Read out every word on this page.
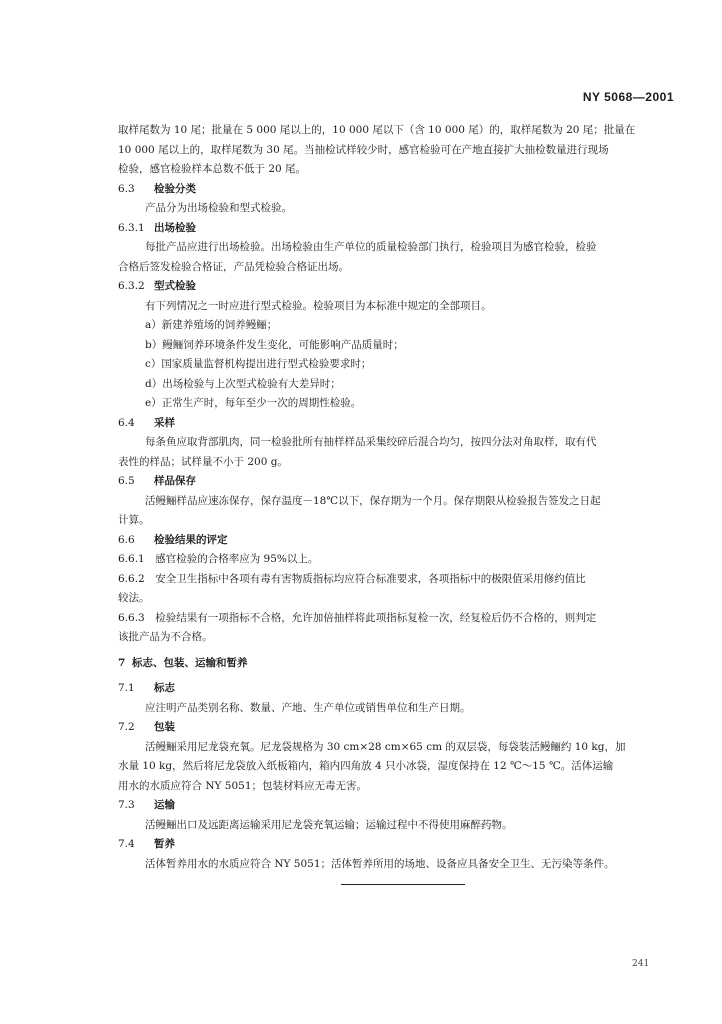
NY 5068—2001
取样尾数为 10 尾；批量在 5 000 尾以上的，10 000 尾以下（含 10 000 尾）的，取样尾数为 20 尾；批量在
10 000 尾以上的，取样尾数为 30 尾。当抽检试样较少时，感官检验可在产地直接扩大抽检数量进行现场
检验，感官检验样本总数不低于 20 尾。
6.3 检验分类
产品分为出场检验和型式检验。
6.3.1 出场检验
每批产品应进行出场检验。出场检验由生产单位的质量检验部门执行，检验项目为感官检验，检验
合格后签发检验合格证，产品凭检验合格证出场。
6.3.2 型式检验
有下列情况之一时应进行型式检验。检验项目为本标准中规定的全部项目。
a）新建养殖场的饲养鳗鲡；
b）鳗鲡饲养环境条件发生变化，可能影响产品质量时；
c）国家质量监督机构提出进行型式检验要求时；
d）出场检验与上次型式检验有大差异时；
e）正常生产时，每年至少一次的周期性检验。
6.4 采样
每条鱼应取背部肌肉，同一检验批所有抽样样品采集绞碎后混合均匀，按四分法对角取样，取有代
表性的样品；试样量不小于 200 g。
6.5 样品保存
活鳗鲡样品应速冻保存，保存温度－18℃以下，保存期为一个月。保存期限从检验报告签发之日起
计算。
6.6 检验结果的评定
6.6.1　感官检验的合格率应为 95%以上。
6.6.2　安全卫生指标中各项有毒有害物质指标均应符合标准要求，各项指标中的极限值采用修约值比
较法。
6.6.3　检验结果有一项指标不合格，允许加倍抽样将此项指标复检一次，经复检后仍不合格的，则判定
该批产品为不合格。
7 标志、包装、运输和暂养
7.1 标志
应注明产品类别名称、数量、产地、生产单位或销售单位和生产日期。
7.2 包装
活鳗鲡采用尼龙袋充氧。尼龙袋规格为 30 cm×28 cm×65 cm 的双层袋，每袋装活鳗鲡约 10 kg，加
水量 10 kg，然后将尼龙袋放入纸板箱内，箱内四角放 4 只小冰袋，湿度保持在 12 ℃～15 ℃。活体运输
用水的水质应符合 NY 5051；包装材料应无毒无害。
7.3 运输
活鳗鲡出口及远距离运输采用尼龙袋充氧运输；运输过程中不得使用麻醉药物。
7.4 暂养
活体暂养用水的水质应符合 NY 5051；活体暂养所用的场地、设备应具备安全卫生、无污染等条件。
241
